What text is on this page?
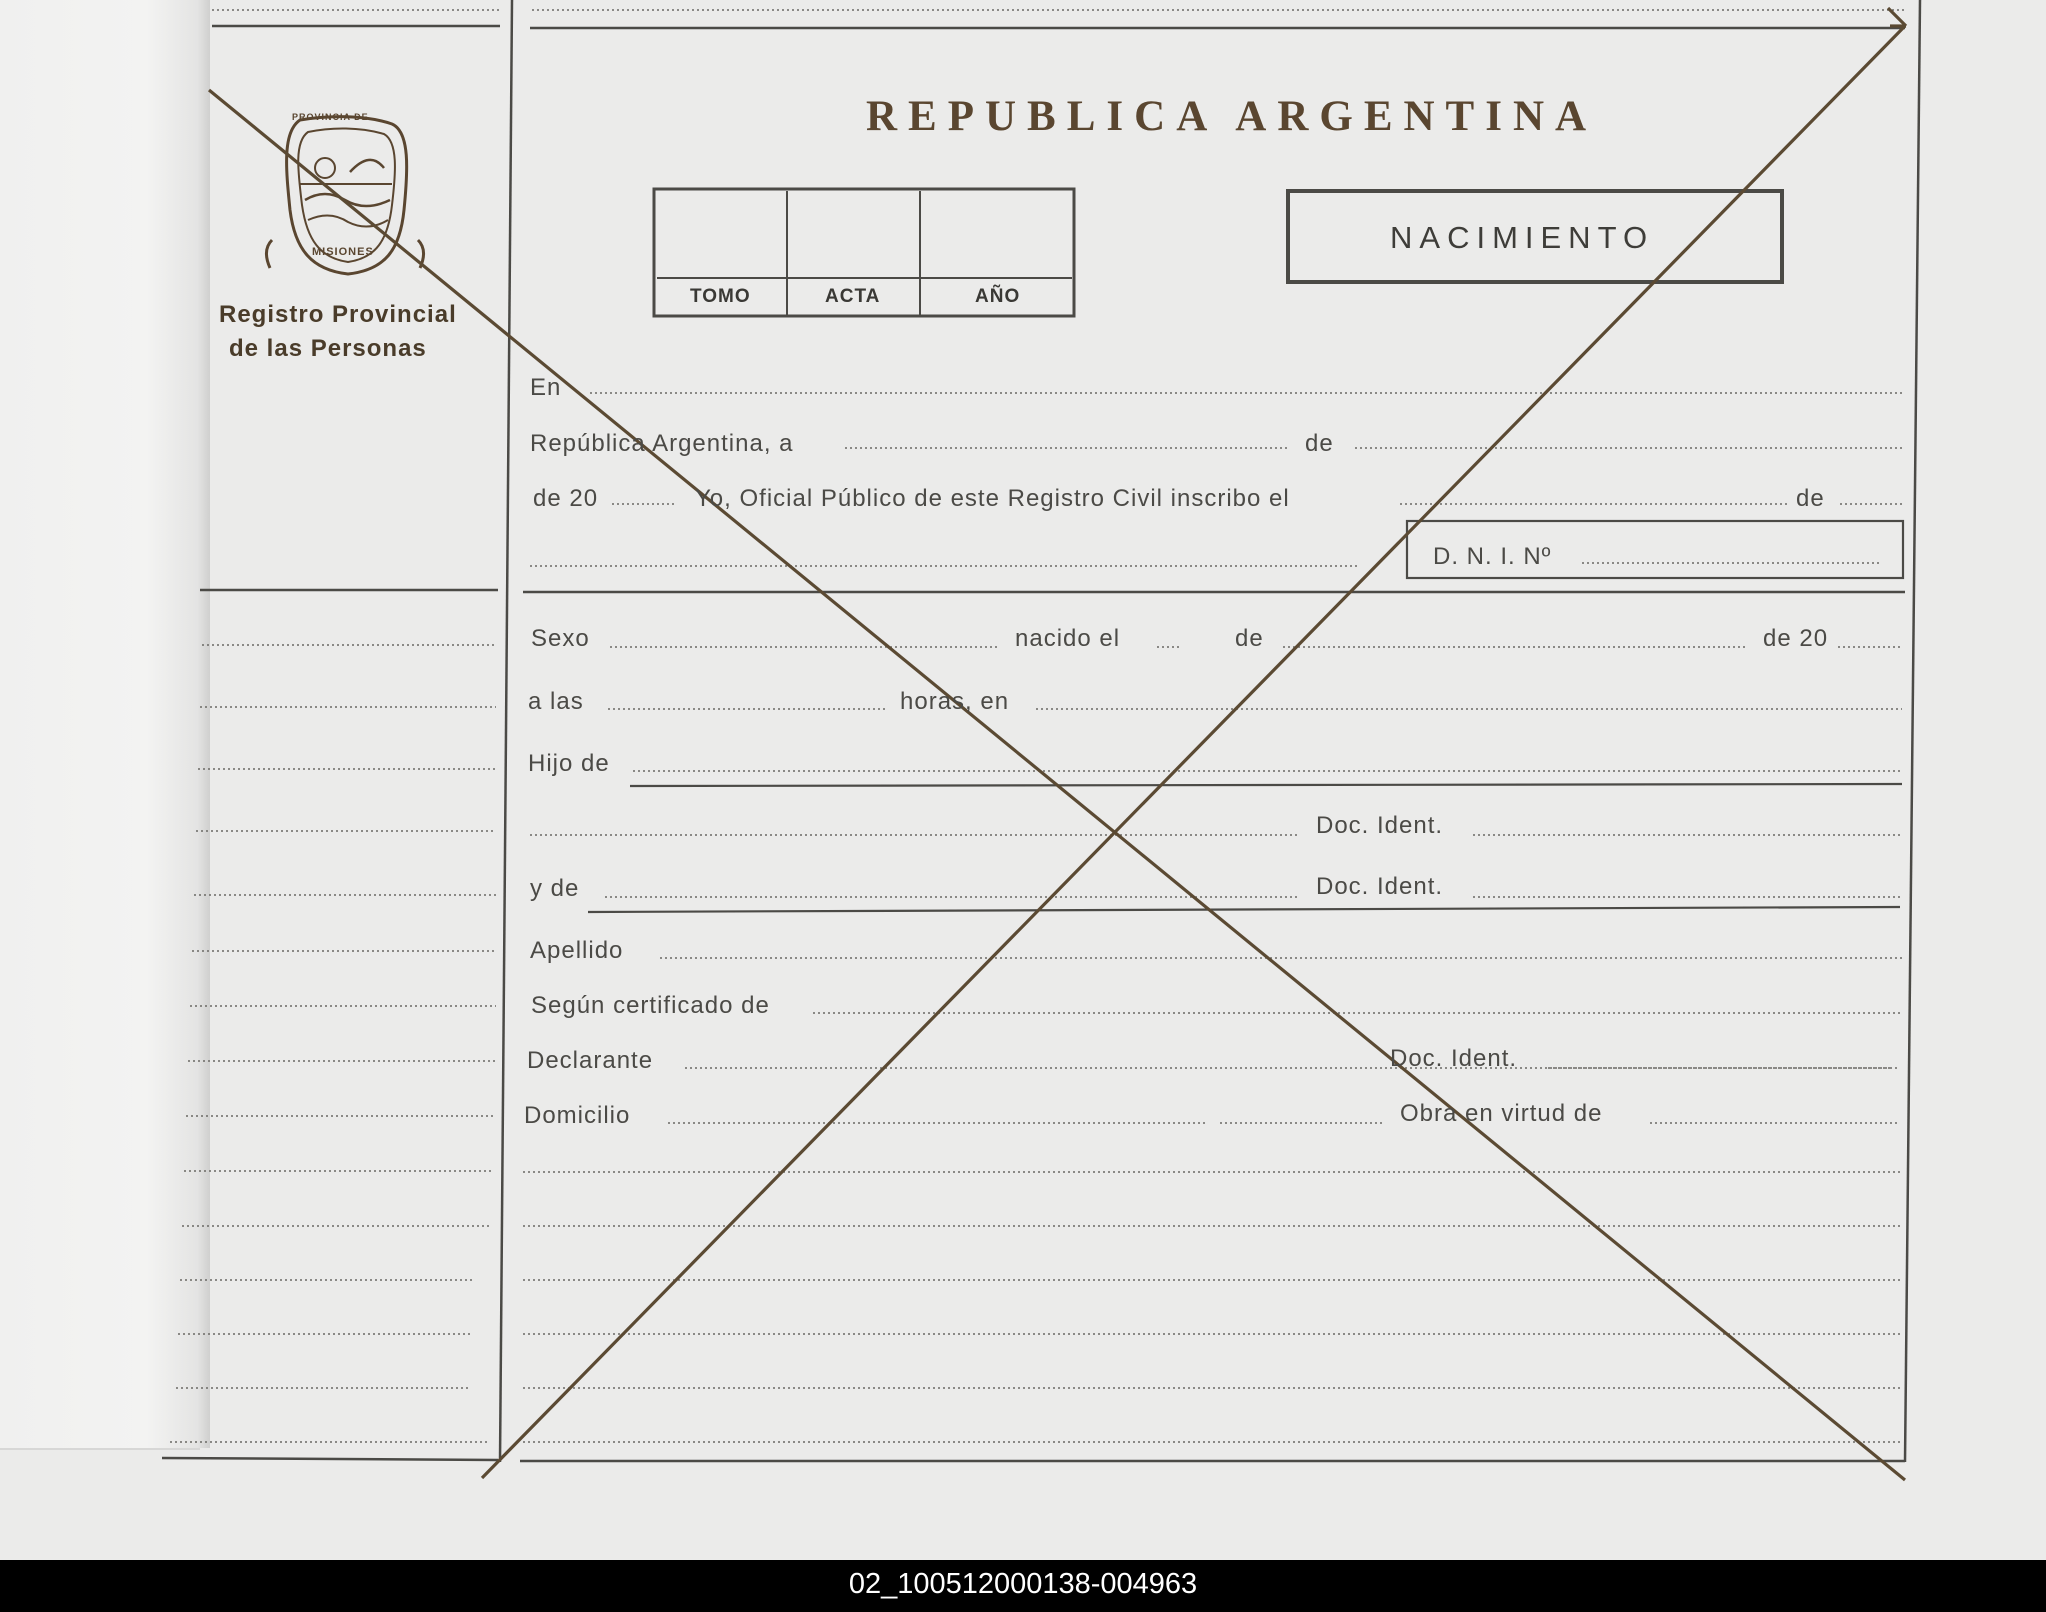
REPUBLICA ARGENTINA
PROVINCIA DE
MISIONES
Registro Provincial
de las Personas
TOMO	ACTA	AÑO
NACIMIENTO
En
República Argentina, a	de
de 20	Yo, Oficial Público de este Registro Civil inscribo el	de
D. N. I. Nº
Sexo	nacido el	de	de 20
a las	horas, en
Hijo de
Doc. Ident.
y de	Doc. Ident.
Apellido
Según certificado de
Declarante	Doc. Ident.
Domicilio	Obra en virtud de
02_100512000138-004963
